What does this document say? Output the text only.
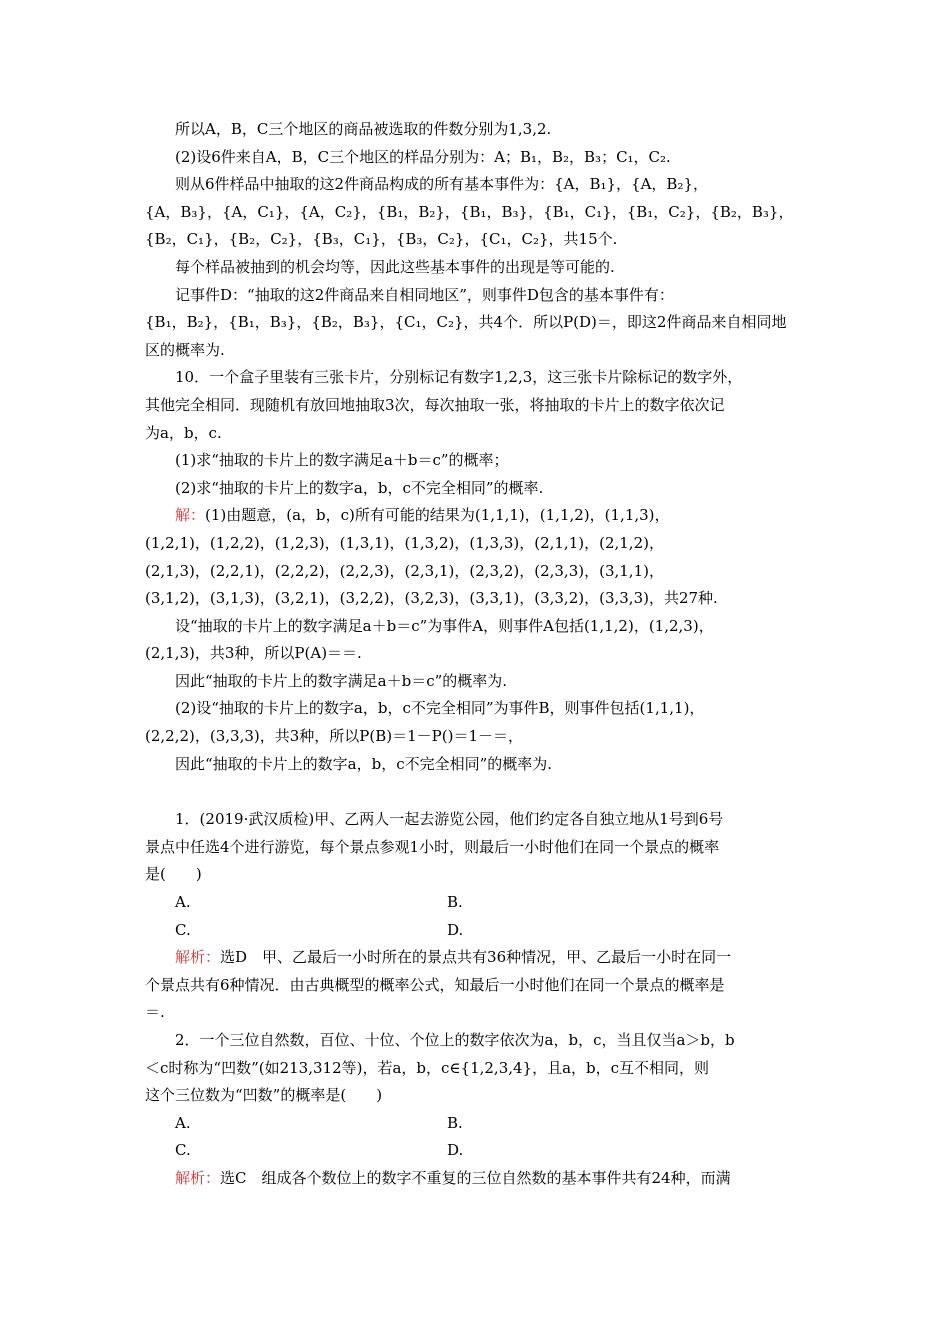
所以A，B，C三个地区的商品被选取的件数分别为1,3,2.
(2)设6件来自A，B，C三个地区的样品分别为：A；B₁，B₂，B₃；C₁，C₂.
则从6件样品中抽取的这2件商品构成的所有基本事件为：{A，B₁}，{A，B₂}，
{A，B₃}，{A，C₁}，{A，C₂}，{B₁，B₂}，{B₁，B₃}，{B₁，C₁}，{B₁，C₂}，{B₂，B₃}，
{B₂，C₁}，{B₂，C₂}，{B₃，C₁}，{B₃，C₂}，{C₁，C₂}，共15个.
每个样品被抽到的机会均等，因此这些基本事件的出现是等可能的.
记事件D：“抽取的这2件商品来自相同地区”，则事件D包含的基本事件有：
{B₁，B₂}，{B₁，B₃}，{B₂，B₃}，{C₁，C₂}，共4个．所以P(D)＝，即这2件商品来自相同地
区的概率为.
10．一个盒子里装有三张卡片，分别标记有数字1,2,3，这三张卡片除标记的数字外，
其他完全相同．现随机有放回地抽取3次，每次抽取一张，将抽取的卡片上的数字依次记
为a，b，c.
(1)求“抽取的卡片上的数字满足a＋b＝c”的概率；
(2)求“抽取的卡片上的数字a，b，c不完全相同”的概率.
解：(1)由题意，(a，b，c)所有可能的结果为(1,1,1)，(1,1,2)，(1,1,3)，
(1,2,1)，(1,2,2)，(1,2,3)，(1,3,1)，(1,3,2)，(1,3,3)，(2,1,1)，(2,1,2)，
(2,1,3)，(2,2,1)，(2,2,2)，(2,2,3)，(2,3,1)，(2,3,2)，(2,3,3)，(3,1,1)，
(3,1,2)，(3,1,3)，(3,2,1)，(3,2,2)，(3,2,3)，(3,3,1)，(3,3,2)，(3,3,3)，共27种.
设“抽取的卡片上的数字满足a＋b＝c”为事件A，则事件A包括(1,1,2)，(1,2,3)，
(2,1,3)，共3种，所以P(A)＝＝.
因此“抽取的卡片上的数字满足a＋b＝c”的概率为.
(2)设“抽取的卡片上的数字a，b，c不完全相同”为事件B，则事件包括(1,1,1)，
(2,2,2)，(3,3,3)，共3种，所以P(B)＝1－P()＝1－＝，
因此“抽取的卡片上的数字a，b，c不完全相同”的概率为.
1．(2019·武汉质检)甲、乙两人一起去游览公园，他们约定各自独立地从1号到6号
景点中任选4个进行游览，每个景点参观1小时，则最后一小时他们在同一个景点的概率
是(　　)
A.	B.
C.	D.
解析：选D　甲、乙最后一小时所在的景点共有36种情况，甲、乙最后一小时在同一
个景点共有6种情况．由古典概型的概率公式，知最后一小时他们在同一个景点的概率是
＝.
2．一个三位自然数，百位、十位、个位上的数字依次为a，b，c，当且仅当a＞b，b
＜c时称为“凹数”(如213,312等)，若a，b，c∈{1,2,3,4}，且a，b，c互不相同，则
这个三位数为“凹数”的概率是(　　)
A.	B.
C.	D.
解析：选C　组成各个数位上的数字不重复的三位自然数的基本事件共有24种，而满
